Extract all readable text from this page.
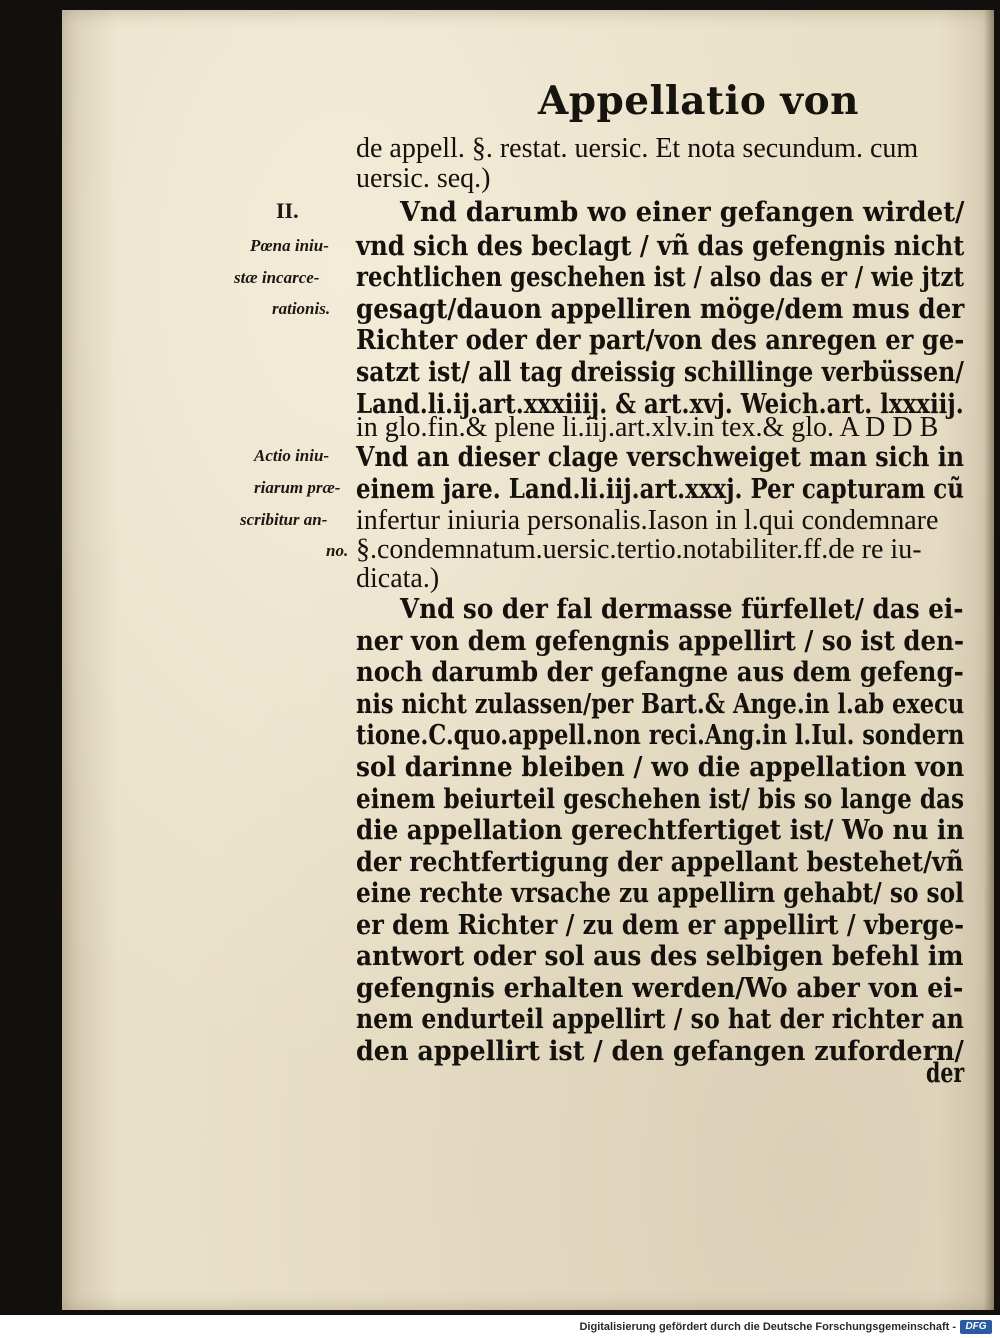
Appellatio von
II.
Pœna iniu-
stæ incarce-
rationis.
Actio iniu-
riarum præ-
scribitur an-
no.
de appell. §. restat. uersic. Et nota secundum. cum
uersic. seq.)
Vnd darumb wo einer gefangen wirdet/
vnd sich des beclagt / vñ das gefengnis nicht
rechtlichen geschehen ist / also das er / wie jtzt
gesagt/dauon appelliren möge/dem mus der
Richter oder der part/von des anregen er ge-
satzt ist/ all tag dreissig schillinge verbüssen/
Land.li.ij.art.xxxiiij. & art.xvj. Weich.art. lxxxiij.
in glo.fin.& plene li.iij.art.xlv.in tex.& glo. A D D B
Vnd an dieser clage verschweiget man sich in
einem jare. Land.li.iij.art.xxxj. Per capturam cũ
infertur iniuria personalis.Iason in l.qui condemnare
§.condemnatum.uersic.tertio.notabiliter.ff.de re iu-
dicata.)
Vnd so der fal dermasse fürfellet/ das ei-
ner von dem gefengnis appellirt / so ist den-
noch darumb der gefangne aus dem gefeng-
nis nicht zulassen/per Bart.& Ange.in l.ab execu
tione.C.quo.appell.non reci.Ang.in l.Iul. sondern
sol darinne bleiben / wo die appellation von
einem beiurteil geschehen ist/ bis so lange das
die appellation gerechtfertiget ist/ Wo nu in
der rechtfertigung der appellant bestehet/vñ
eine rechte vrsache zu appellirn gehabt/ so sol
er dem Richter / zu dem er appellirt / vberge-
antwort oder sol aus des selbigen befehl im
gefengnis erhalten werden/Wo aber von ei-
nem endurteil appellirt / so hat der richter an
den appellirt ist / den gefangen zufordern/
der
Digitalisierung gefördert durch die Deutsche Forschungsgemeinschaft - DFG
